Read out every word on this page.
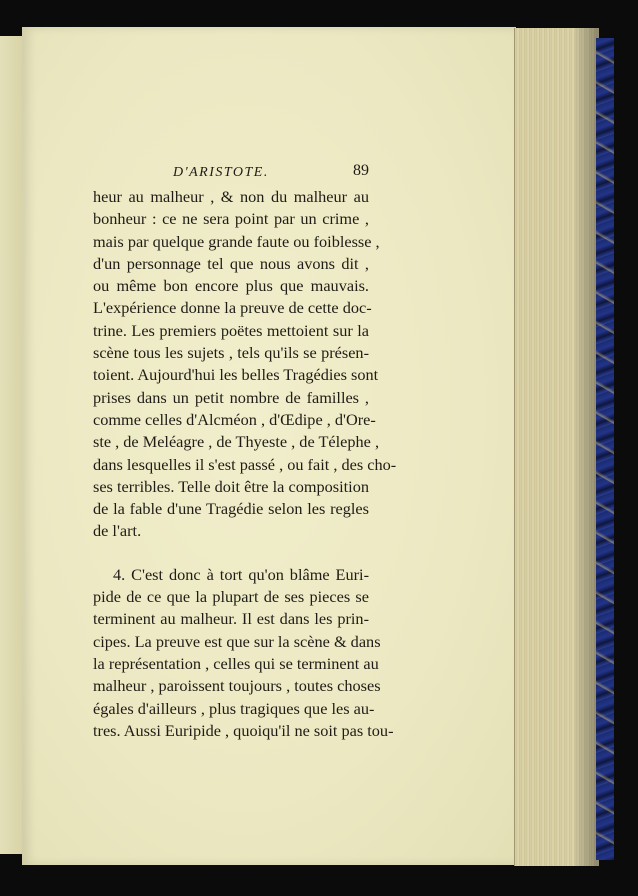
D'ARISTOTE.	89
heur au malheur , & non du malheur au
bonheur : ce ne sera point par un crime ,
mais par quelque grande faute ou foiblesse ,
d'un personnage tel que nous avons dit ,
ou même bon encore plus que mauvais.
L'expérience donne la preuve de cette doc-
trine. Les premiers poëtes mettoient sur la
scène tous les sujets , tels qu'ils se présen-
toient. Aujourd'hui les belles Tragédies sont
prises dans un petit nombre de familles ,
comme celles d'Alcméon , d'Œdipe , d'Ore-
ste , de Meléagre , de Thyeste , de Télephe ,
dans lesquelles il s'est passé , ou fait , des cho-
ses terribles. Telle doit être la composition
de la fable d'une Tragédie selon les regles
de l'art.
4. C'est donc à tort qu'on blâme Euri-
pide de ce que la plupart de ses pieces se
terminent au malheur. Il est dans les prin-
cipes. La preuve est que sur la scène & dans
la représentation , celles qui se terminent au
malheur , paroissent toujours , toutes choses
égales d'ailleurs , plus tragiques que les au-
tres. Aussi Euripide , quoiqu'il ne soit pas tou-
